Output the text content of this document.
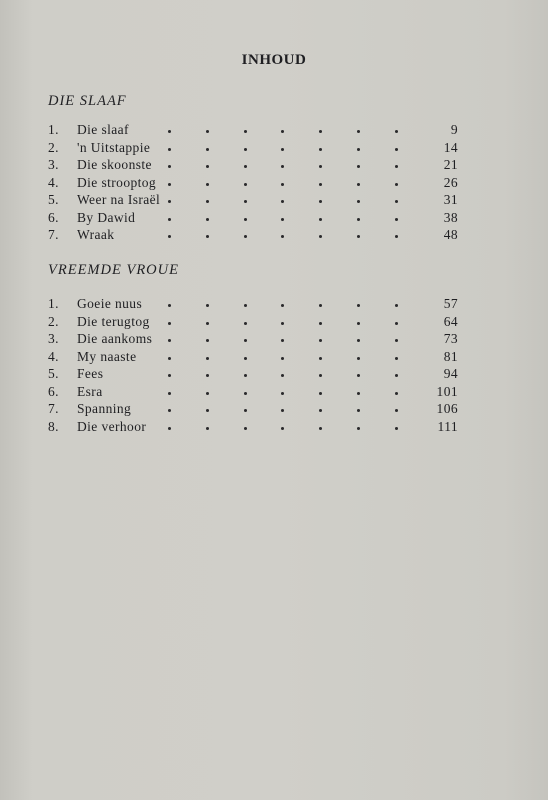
INHOUD
DIE SLAAF
1.	Die slaaf	9
2.	'n Uitstappie	14
3.	Die skoonste	21
4.	Die strooptog	26
5.	Weer na Israël	31
6.	By Dawid	38
7.	Wraak	48
VREEMDE VROUE
1.	Goeie nuus	57
2.	Die terugtog	64
3.	Die aankoms	73
4.	My naaste	81
5.	Fees	94
6.	Esra	101
7.	Spanning	106
8.	Die verhoor	111
